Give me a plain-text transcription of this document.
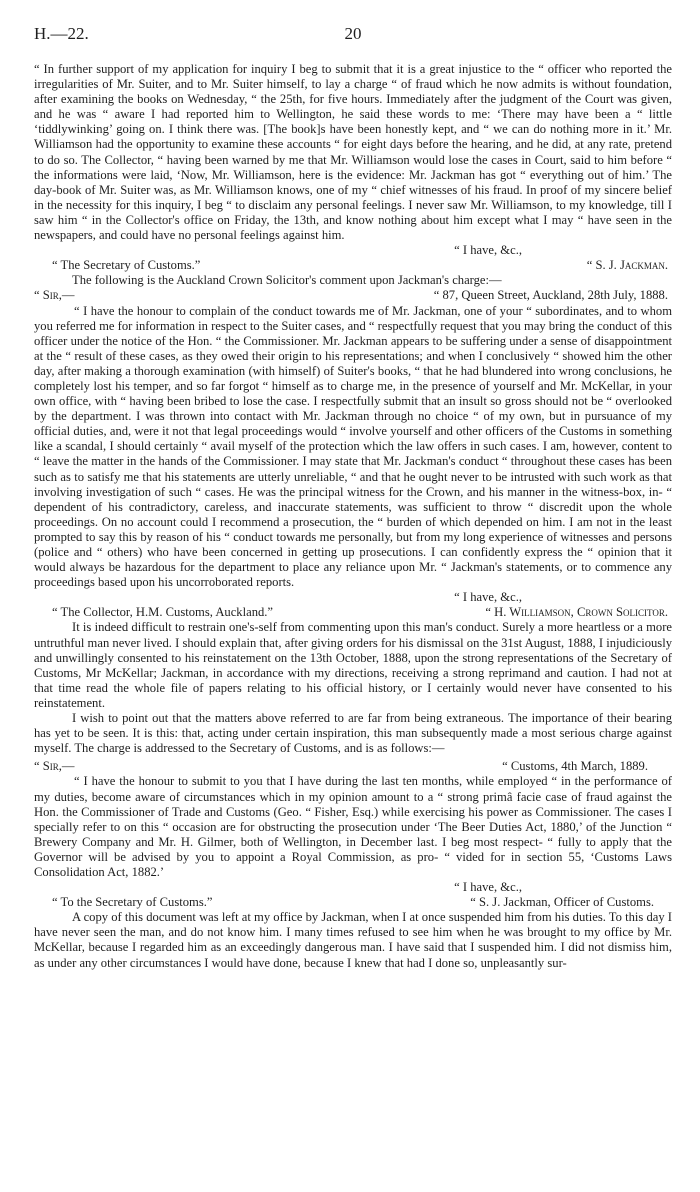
H.—22.	20

“ In further support of my application for inquiry I beg to submit that it is a great injustice to the “ officer who reported the irregularities of Mr. Suiter, and to Mr. Suiter himself, to lay a charge “ of fraud which he now admits is without foundation, after examining the books on Wednesday, “ the 25th, for five hours. Immediately after the judgment of the Court was given, and he was “ aware I had reported him to Wellington, he said these words to me: ‘There may have been a “ little ‘tiddlywinking’ going on. I think there was. [The book]s have been honestly kept, and “ we can do nothing more in it.’ Mr. Williamson had the opportunity to examine these accounts “ for eight days before the hearing, and he did, at any rate, pretend to do so. The Collector, “ having been warned by me that Mr. Williamson would lose the cases in Court, said to him before “ the informations were laid, ‘Now, Mr. Williamson, here is the evidence: Mr. Jackman has got “ everything out of him.’ The day-book of Mr. Suiter was, as Mr. Williamson knows, one of my “ chief witnesses of his fraud. In proof of my sincere belief in the necessity for this inquiry, I beg “ to disclaim any personal feelings. I never saw Mr. Williamson, to my knowledge, till I saw him “ in the Collector's office on Friday, the 13th, and know nothing about him except what I may “ have seen in the newspapers, and could have no personal feelings against him.

“ I have, &c.,
“ The Secretary of Customs.”	“ S. J. Jackman.

The following is the Auckland Crown Solicitor's comment upon Jackman's charge:—

“ Sir,—	“ 87, Queen Street, Auckland, 28th July, 1888.

“ I have the honour to complain of the conduct towards me of Mr. Jackman, one of your “ subordinates, and to whom you referred me for information in respect to the Suiter cases, and “ respectfully request that you may bring the conduct of this officer under the notice of the Hon. “ the Commissioner. Mr. Jackman appears to be suffering under a sense of disappointment at the “ result of these cases, as they owed their origin to his representations; and when I conclusively “ showed him the other day, after making a thorough examination (with himself) of Suiter's books, “ that he had blundered into wrong conclusions, he completely lost his temper, and so far forgot “ himself as to charge me, in the presence of yourself and Mr. McKellar, in your own office, with “ having been bribed to lose the case. I respectfully submit that an insult so gross should not be “ overlooked by the department. I was thrown into contact with Mr. Jackman through no choice “ of my own, but in pursuance of my official duties, and, were it not that legal proceedings would “ involve yourself and other officers of the Customs in something like a scandal, I should certainly “ avail myself of the protection which the law offers in such cases. I am, however, content to “ leave the matter in the hands of the Commissioner. I may state that Mr. Jackman's conduct “ throughout these cases has been such as to satisfy me that his statements are utterly unreliable, “ and that he ought never to be intrusted with such work as that involving investigation of such “ cases. He was the principal witness for the Crown, and his manner in the witness-box, in- “ dependent of his contradictory, careless, and inaccurate statements, was sufficient to throw “ discredit upon the whole proceedings. On no account could I recommend a prosecution, the “ burden of which depended on him. I am not in the least prompted to say this by reason of his “ conduct towards me personally, but from my long experience of witnesses and persons (police and “ others) who have been concerned in getting up prosecutions. I can confidently express the “ opinion that it would always be hazardous for the department to place any reliance upon Mr. “ Jackman's statements, or to commence any proceedings based upon his uncorroborated reports.

“ I have, &c.,
“ The Collector, H.M. Customs, Auckland.”	“ H. Williamson, Crown Solicitor.

It is indeed difficult to restrain one's-self from commenting upon this man's conduct. Surely a more heartless or a more untruthful man never lived. I should explain that, after giving orders for his dismissal on the 31st August, 1888, I injudiciously and unwillingly consented to his reinstatement on the 13th October, 1888, upon the strong representations of the Secretary of Customs, Mr McKellar; Jackman, in accordance with my directions, receiving a strong reprimand and caution. I had not at that time read the whole file of papers relating to his official history, or I certainly would never have consented to his reinstatement.

I wish to point out that the matters above referred to are far from being extraneous. The importance of their bearing has yet to be seen. It is this: that, acting under certain inspiration, this man subsequently made a most serious charge against myself. The charge is addressed to the Secretary of Customs, and is as follows:—

“ Sir,—	“ Customs, 4th March, 1889.

“ I have the honour to submit to you that I have during the last ten months, while employed “ in the performance of my duties, become aware of circumstances which in my opinion amount to a “ strong primâ facie case of fraud against the Hon. the Commissioner of Trade and Customs (Geo. “ Fisher, Esq.) while exercising his power as Commissioner. The cases I specially refer to on this “ occasion are for obstructing the prosecution under ‘The Beer Duties Act, 1880,’ of the Junction “ Brewery Company and Mr. H. Gilmer, both of Wellington, in December last. I beg most respect- “ fully to apply that the Governor will be advised by you to appoint a Royal Commission, as pro- “ vided for in section 55, ‘Customs Laws Consolidation Act, 1882.’

“ I have, &c.,
“ To the Secretary of Customs.”	“ S. J. Jackman, Officer of Customs.

A copy of this document was left at my office by Jackman, when I at once suspended him from his duties. To this day I have never seen the man, and do not know him. I many times refused to see him when he was brought to my office by Mr. McKellar, because I regarded him as an exceedingly dangerous man. I have said that I suspended him. I did not dismiss him, as under any other circumstances I would have done, because I knew that had I done so, unpleasantly sur-
